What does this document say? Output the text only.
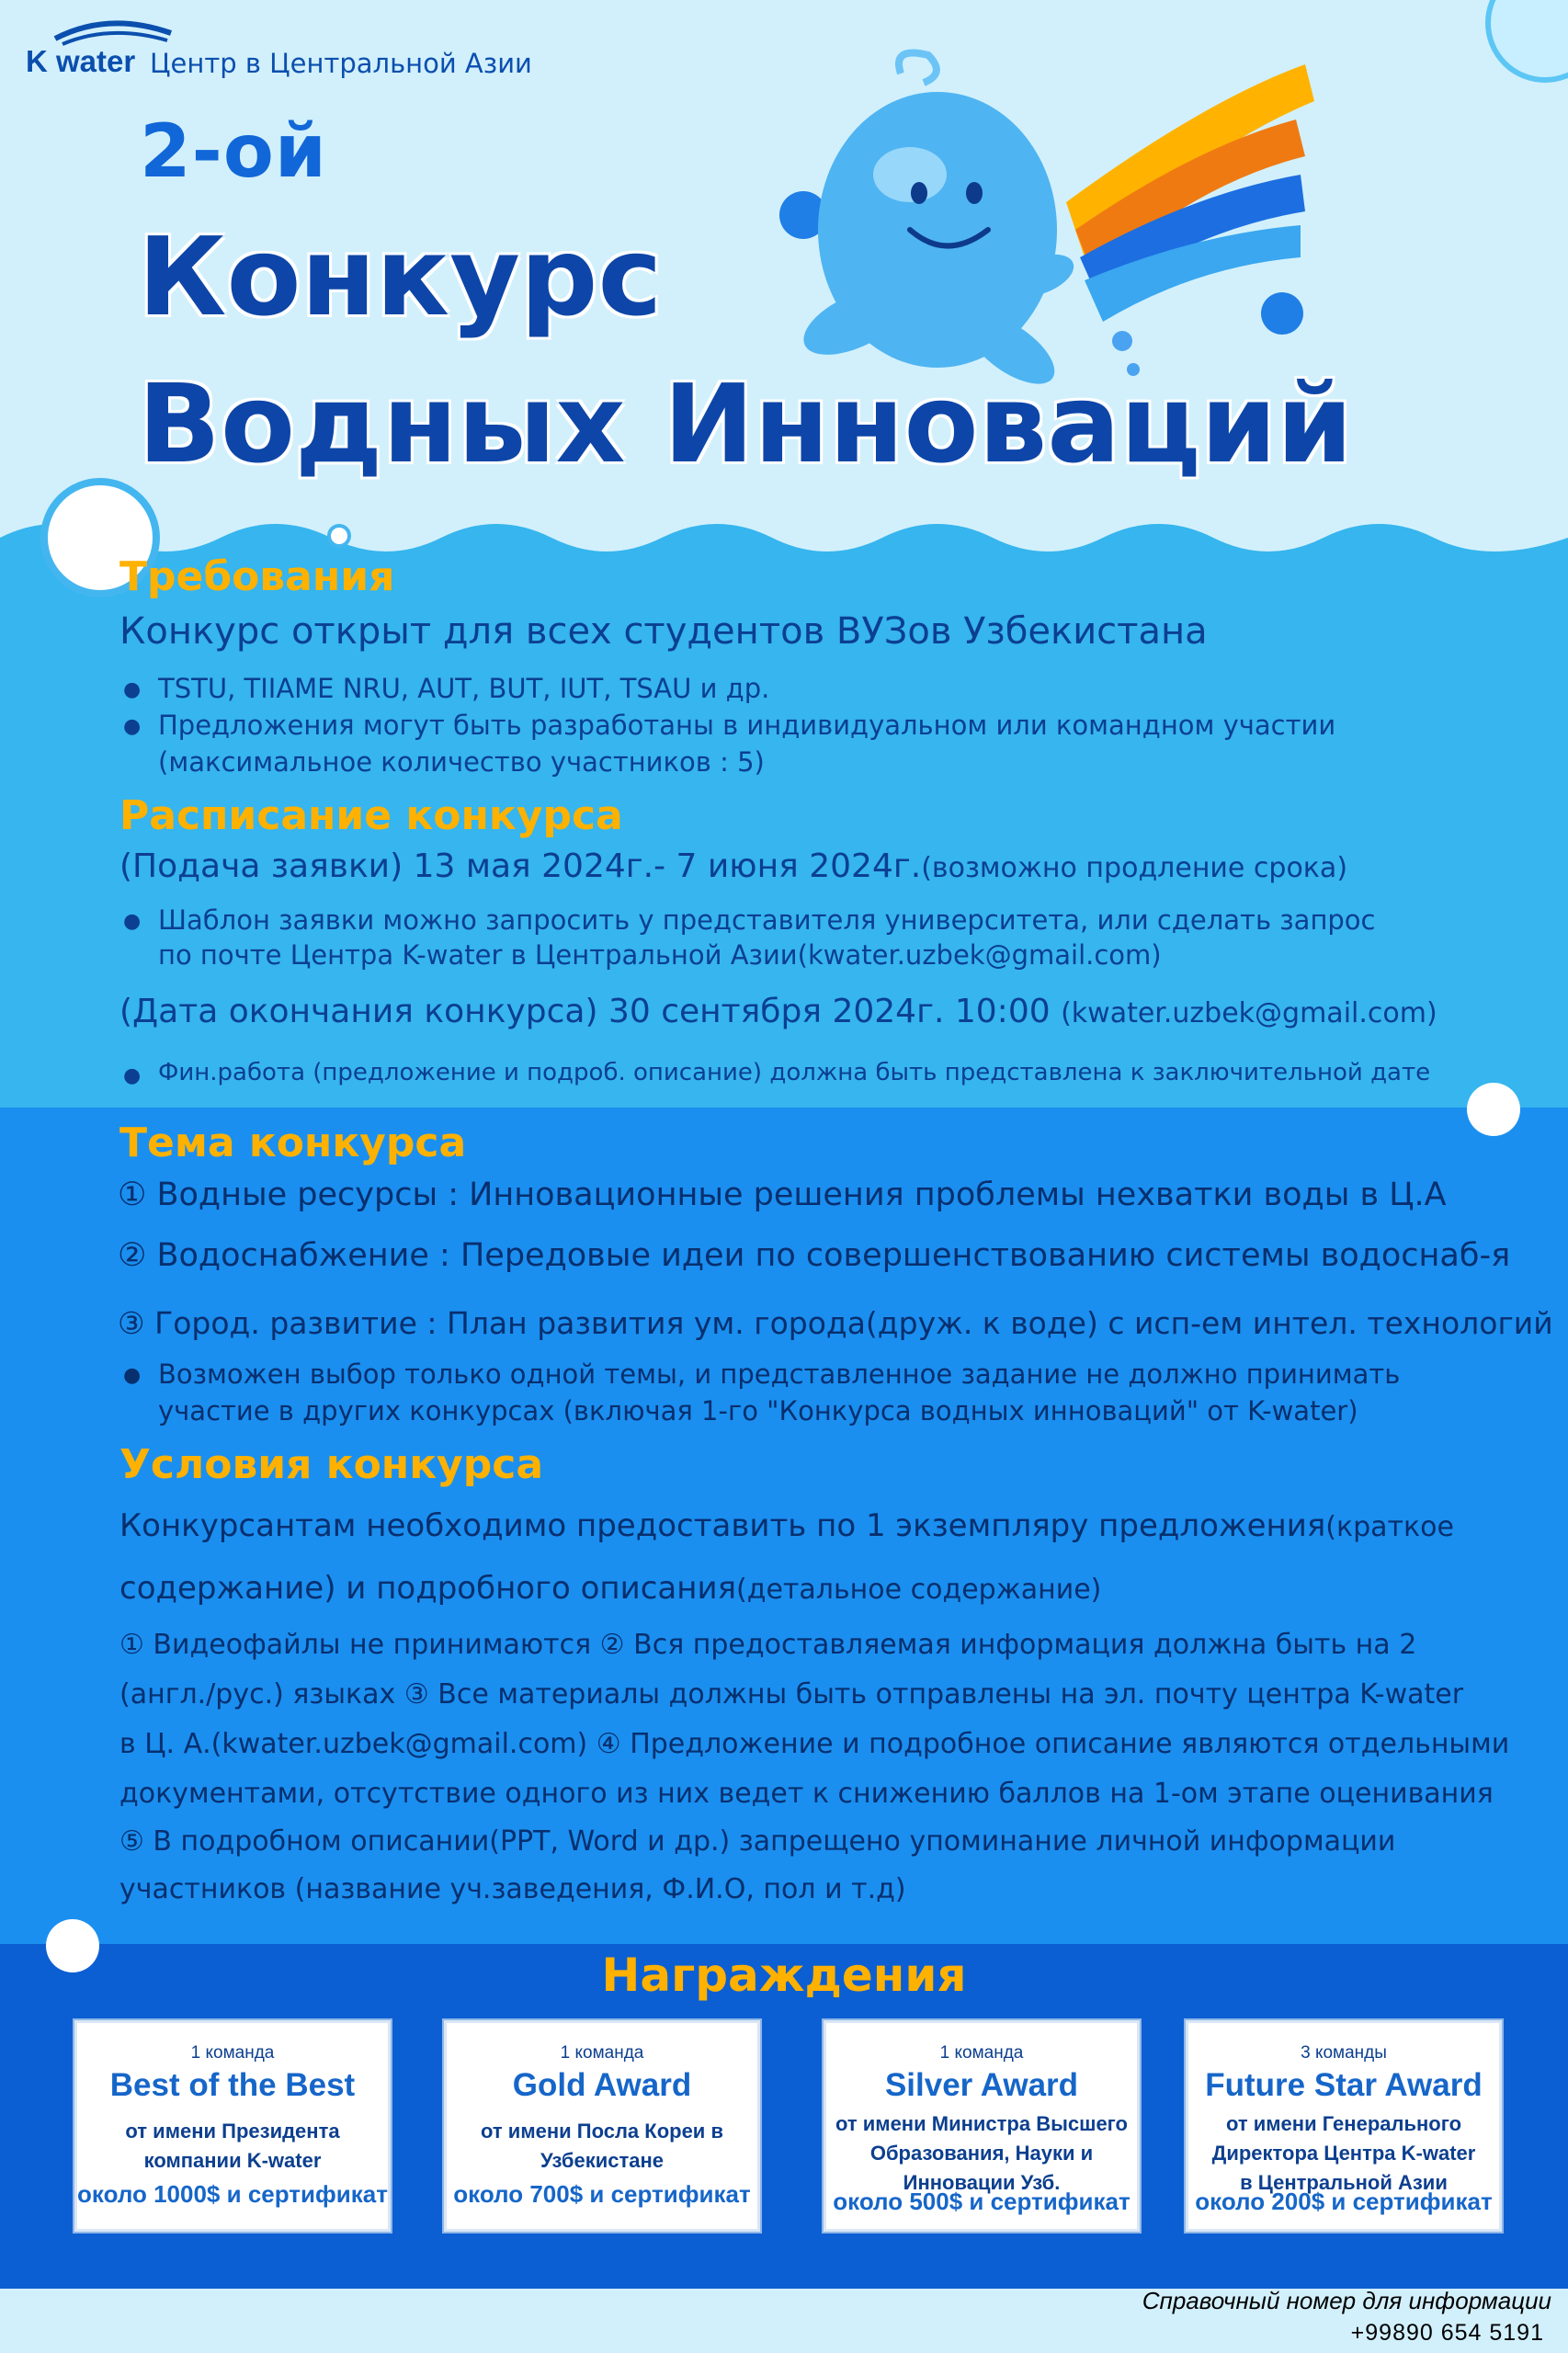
K water Центр в Центральной Азии
2-ой
Конкурс
Водных Инноваций
Требования
Конкурс открыт для всех студентов ВУЗов Узбекистана
● TSTU, TIIAME NRU, AUT, BUT, IUT, TSAU и др.
● Предложения могут быть разработаны в индивидуальном или командном участии
(максимальное количество участников : 5)
Расписание конкурса
(Подача заявки) 13 мая 2024г.- 7 июня 2024г.(возможно продление срока)
● Шаблон заявки можно запросить у представителя университета, или сделать запрос
по почте Центра K-water в Центральной Азии(kwater.uzbek@gmail.com)
(Дата окончания конкурса) 30 сентября 2024г. 10:00 (kwater.uzbek@gmail.com)
● Фин.работа (предложение и подроб. описание) должна быть представлена к заключительной дате
Тема конкурса
① Водные ресурсы : Инновационные решения проблемы нехватки воды в Ц.А
② Водоснабжение : Передовые идеи по совершенствованию системы водоснаб-я
③ Город. развитие : План развития ум. города(друж. к воде) с исп-ем интел. технологий
● Возможен выбор только одной темы, и представленное задание не должно принимать
участие в других конкурсах (включая 1-го "Конкурса водных инноваций" от K-water)
Условия конкурса
Конкурсантам необходимо предоставить по 1 экземпляру предложения(краткое
содержание) и подробного описания(детальное содержание)
① Видеофайлы не принимаются ② Вся предоставляемая информация должна быть на 2
(англ./рус.) языках ③ Все материалы должны быть отправлены на эл. почту центра K-water
в Ц. А.(kwater.uzbek@gmail.com) ④ Предложение и подробное описание являются отдельными
документами, отсутствие одного из них ведет к снижению баллов на 1-ом этапе оценивания
⑤ В подробном описании(PPT, Word и др.) запрещено упоминание личной информации
участников (название уч.заведения, Ф.И.О, пол и т.д)
Награждения
1 команда
Best of the Best
от имени Президента
компании K-water
около 1000$ и сертификат
1 команда
Gold Award
от имени Посла Кореи в
Узбекистане
около 700$ и сертификат
1 команда
Silver Award
от имени Министра Высшего
Образования, Науки и
Инновации Узб.
около 500$ и сертификат
3 команды
Future Star Award
от имени Генерального
Директора Центра K-water
в Центральной Азии
около 200$ и сертификат
Справочный номер для информации
+99890 654 5191
